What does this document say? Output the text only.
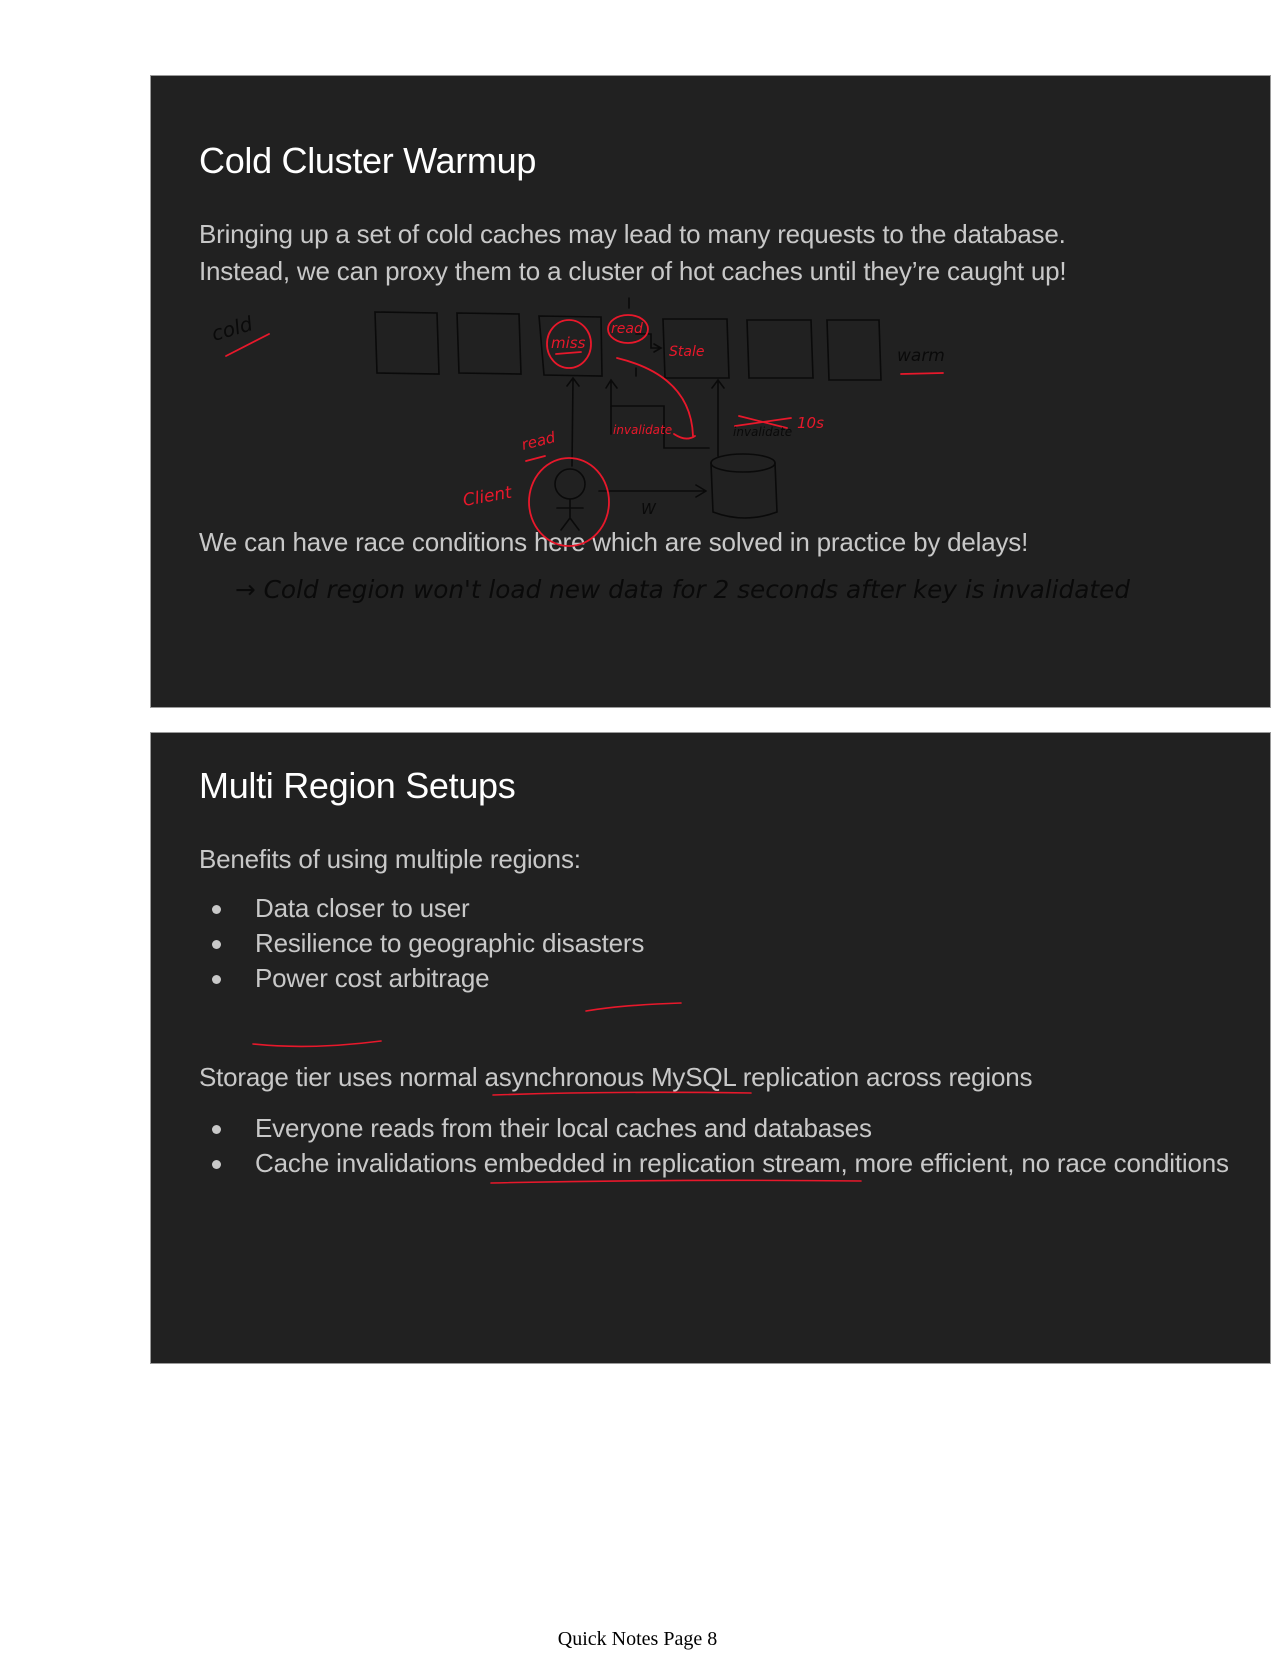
Cold Cluster Warmup
Bringing up a set of cold caches may lead to many requests to the database.
Instead, we can proxy them to a cluster of hot caches until they’re caught up!
We can have race conditions here which are solved in practice by delays!
cold
warm
miss
read
Stale
invalidate	invalidate 10s
read
Client	W
→ Cold region won't load new data for 2 seconds after key is invalidated
Multi Region Setups
Benefits of using multiple regions:
Data closer to user
Resilience to geographic disasters
Power cost arbitrage
Storage tier uses normal asynchronous MySQL replication across regions
Everyone reads from their local caches and databases
Cache invalidations embedded in replication stream, more efficient, no race conditions
Quick Notes Page 8
